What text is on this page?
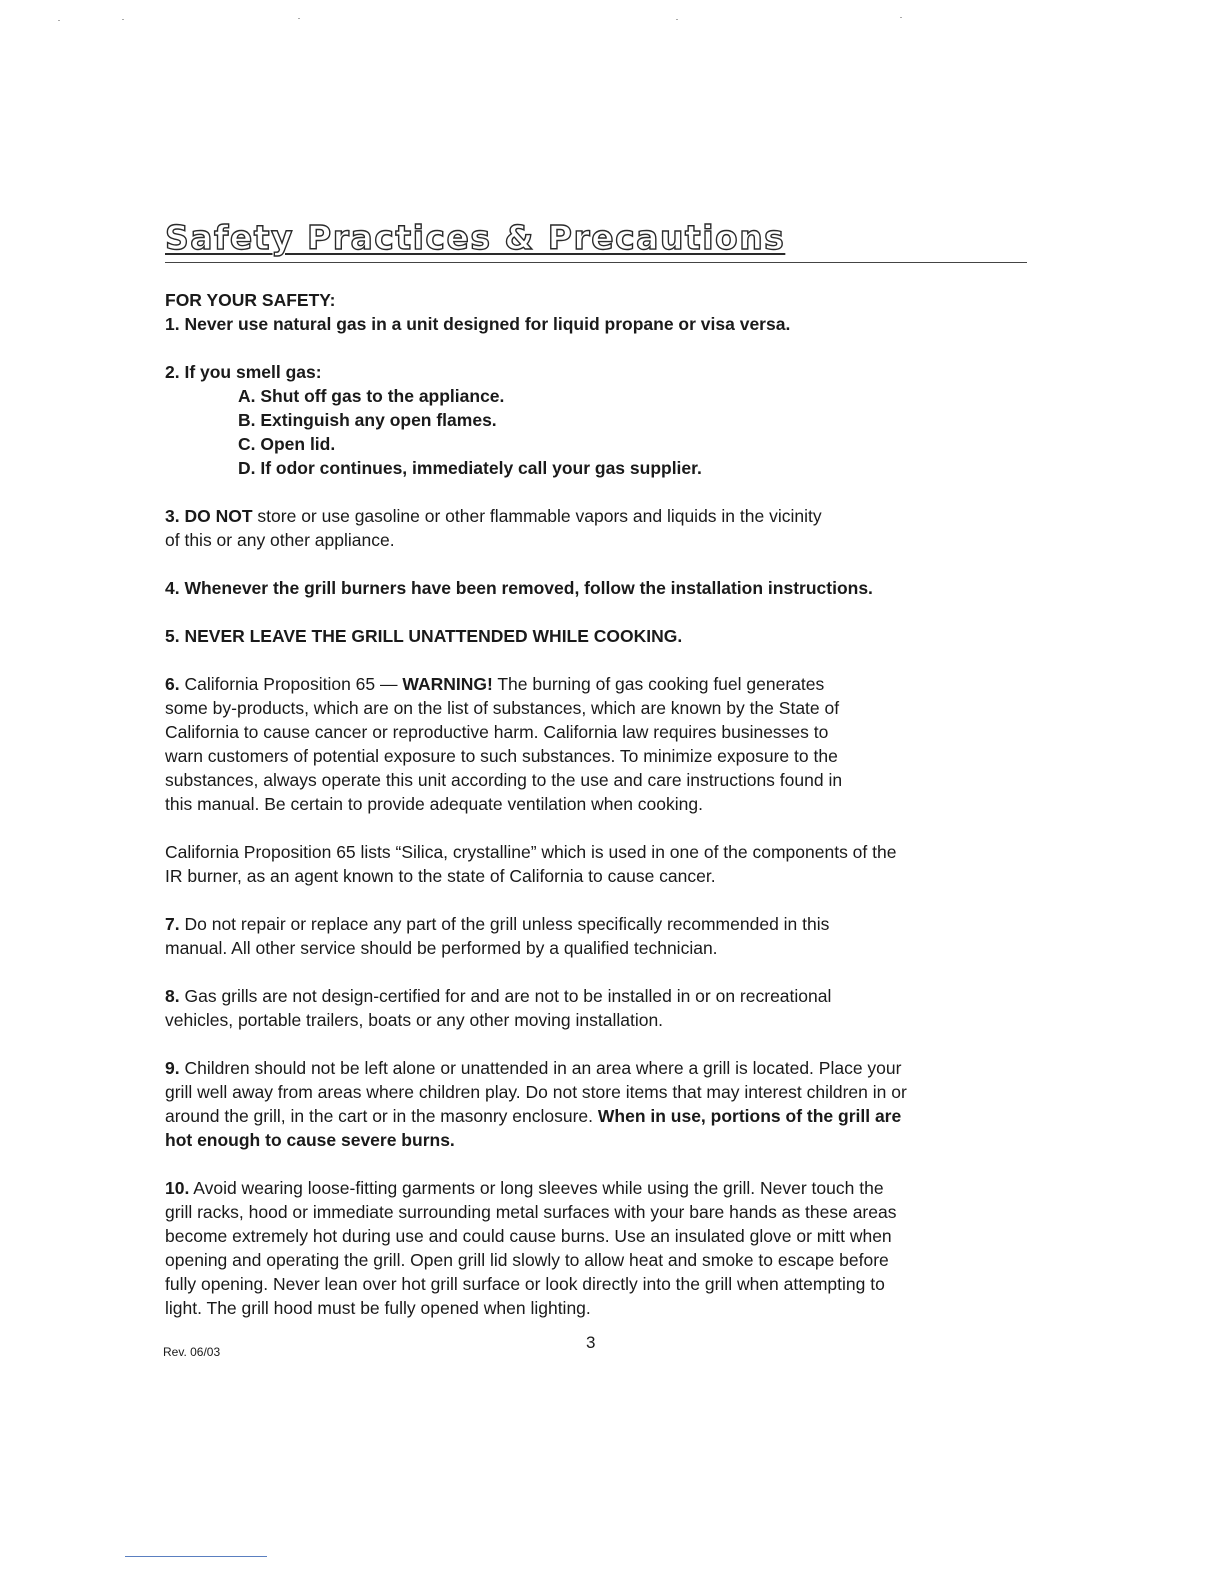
Safety Practices & Precautions

FOR YOUR SAFETY:

1. Never use natural gas in a unit designed for liquid propane or visa versa.

2. If you smell gas:

A. Shut off gas to the appliance.

B. Extinguish any open flames.

C. Open lid.

D. If odor continues, immediately call your gas supplier.

3. DO NOT store or use gasoline or other flammable vapors and liquids in the vicinity

of this or any other appliance.

4. Whenever the grill burners have been removed, follow the installation instructions.

5. NEVER LEAVE THE GRILL UNATTENDED WHILE COOKING.

6. California Proposition 65 — WARNING! The burning of gas cooking fuel generates

some by-products, which are on the list of substances, which are known by the State of

California to cause cancer or reproductive harm. California law requires businesses to

warn customers of potential exposure to such substances. To minimize exposure to the

substances, always operate this unit according to the use and care instructions found in

this manual. Be certain to provide adequate ventilation when cooking.

California Proposition 65 lists “Silica, crystalline” which is used in one of the components of the

IR burner, as an agent known to the state of California to cause cancer.

7. Do not repair or replace any part of the grill unless specifically recommended in this

manual. All other service should be performed by a qualified technician.

8. Gas grills are not design-certified for and are not to be installed in or on recreational

vehicles, portable trailers, boats or any other moving installation.

9. Children should not be left alone or unattended in an area where a grill is located. Place your

grill well away from areas where children play. Do not store items that may interest children in or

around the grill, in the cart or in the masonry enclosure. When in use, portions of the grill are

hot enough to cause severe burns.

10. Avoid wearing loose-fitting garments or long sleeves while using the grill. Never touch the

grill racks, hood or immediate surrounding metal surfaces with your bare hands as these areas

become extremely hot during use and could cause burns. Use an insulated glove or mitt when

opening and operating the grill. Open grill lid slowly to allow heat and smoke to escape before

fully opening. Never lean over hot grill surface or look directly into the grill when attempting to

light. The grill hood must be fully opened when lighting.

Rev. 06/03	3
